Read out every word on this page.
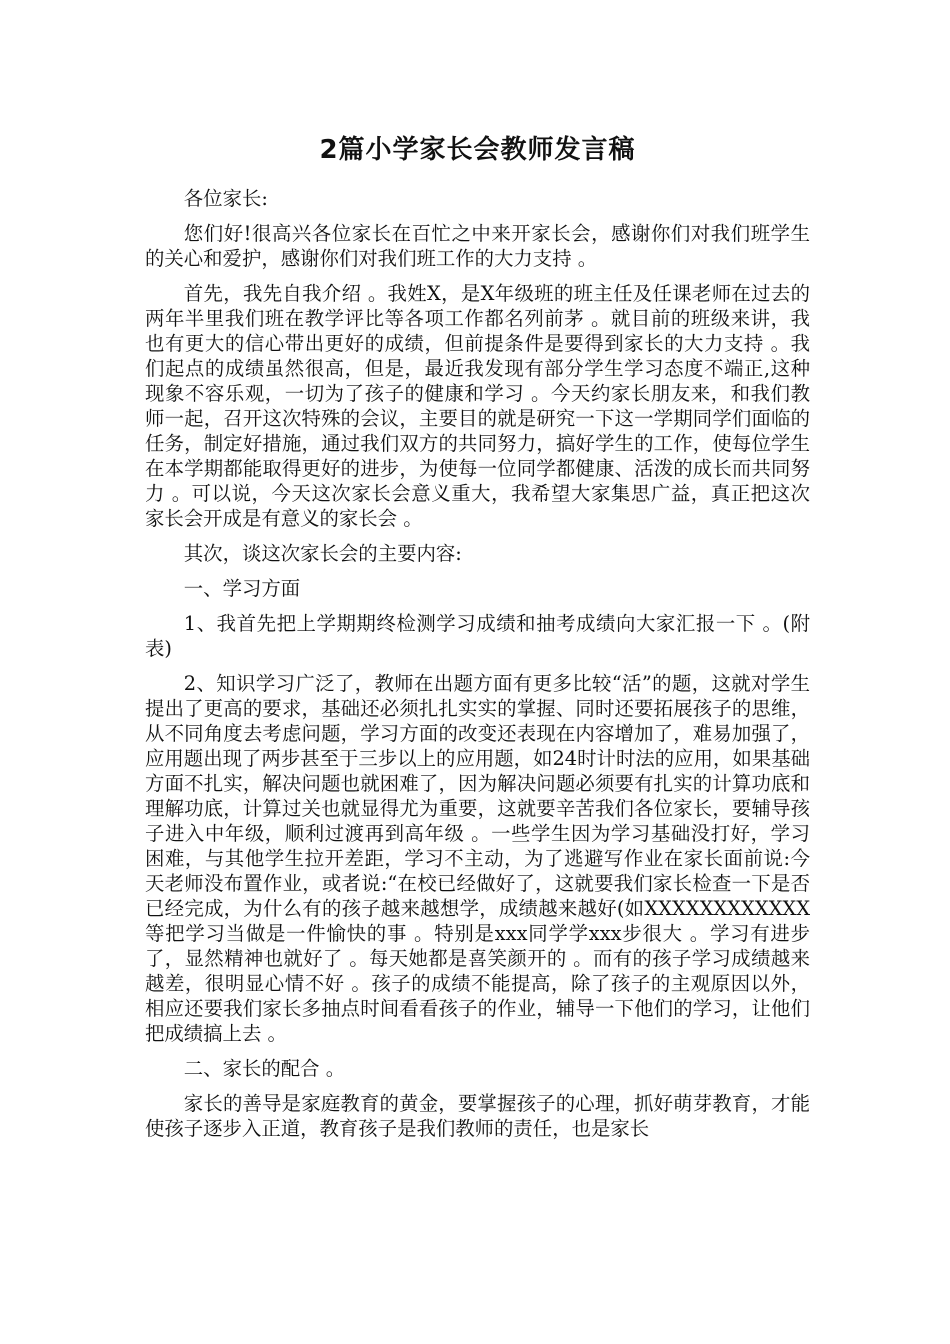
2篇小学家长会教师发言稿

各位家长:

您们好!很高兴各位家长在百忙之中来开家长会，感谢你们对我们班学生的关心和爱护，感谢你们对我们班工作的大力支持 。

首先，我先自我介绍 。我姓X，是X年级班的班主任及任课老师在过去的两年半里我们班在教学评比等各项工作都名列前茅 。就目前的班级来讲，我也有更大的信心带出更好的成绩，但前提条件是要得到家长的大力支持 。我们起点的成绩虽然很高，但是，最近我发现有部分学生学习态度不端正,这种现象不容乐观，一切为了孩子的健康和学习 。今天约家长朋友来，和我们教师一起，召开这次特殊的会议，主要目的就是研究一下这一学期同学们面临的任务，制定好措施，通过我们双方的共同努力，搞好学生的工作，使每位学生在本学期都能取得更好的进步，为使每一位同学都健康、活泼的成长而共同努力 。可以说，今天这次家长会意义重大，我希望大家集思广益，真正把这次家长会开成是有意义的家长会 。

其次，谈这次家长会的主要内容:

一、学习方面

1、我首先把上学期期终检测学习成绩和抽考成绩向大家汇报一下 。(附表)

2、知识学习广泛了，教师在出题方面有更多比较“活”的题，这就对学生提出了更高的要求，基础还必须扎扎实实的掌握、同时还要拓展孩子的思维，从不同角度去考虑问题，学习方面的改变还表现在内容增加了，难易加强了，应用题出现了两步甚至于三步以上的应用题，如24时计时法的应用，如果基础方面不扎实，解决问题也就困难了，因为解决问题必须要有扎实的计算功底和理解功底，计算过关也就显得尤为重要，这就要辛苦我们各位家长，要辅导孩子进入中年级，顺利过渡再到高年级 。一些学生因为学习基础没打好，学习困难，与其他学生拉开差距，学习不主动，为了逃避写作业在家长面前说:今天老师没布置作业，或者说:“在校已经做好了，这就要我们家长检查一下是否已经完成，为什么有的孩子越来越想学，成绩越来越好(如XXXXXXXXXXXX等把学习当做是一件愉快的事 。特别是xxx同学学xxx步很大 。学习有进步了，显然精神也就好了 。每天她都是喜笑颜开的 。而有的孩子学习成绩越来越差，很明显心情不好 。孩子的成绩不能提高，除了孩子的主观原因以外，相应还要我们家长多抽点时间看看孩子的作业，辅导一下他们的学习，让他们把成绩搞上去 。

二、家长的配合 。

家长的善导是家庭教育的黄金，要掌握孩子的心理，抓好萌芽教育，才能使孩子逐步入正道，教育孩子是我们教师的责任，也是家长
